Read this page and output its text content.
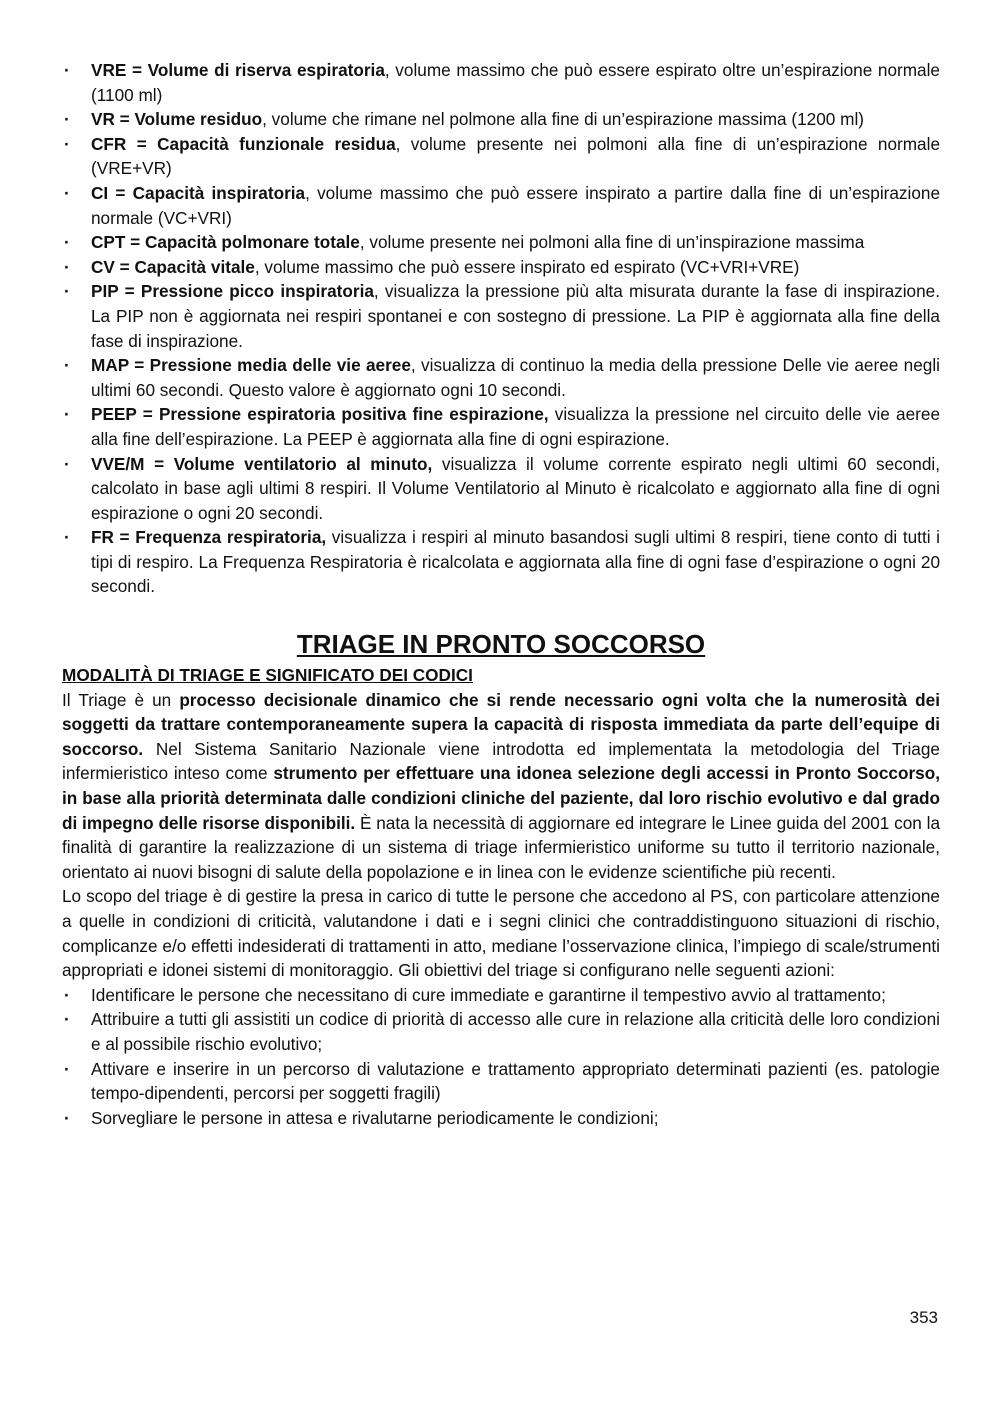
· VRE = Volume di riserva espiratoria, volume massimo che può essere espirato oltre un’espirazione normale (1100 ml)
· VR = Volume residuo, volume che rimane nel polmone alla fine di un’espirazione massima (1200 ml)
· CFR = Capacità funzionale residua, volume presente nei polmoni alla fine di un’espirazione normale (VRE+VR)
· CI = Capacità inspiratoria, volume massimo che può essere inspirato a partire dalla fine di un’espirazione normale (VC+VRI)
· CPT = Capacità polmonare totale, volume presente nei polmoni alla fine di un’inspirazione massima
· CV = Capacità vitale, volume massimo che può essere inspirato ed espirato (VC+VRI+VRE)
· PIP = Pressione picco inspiratoria, visualizza la pressione più alta misurata durante la fase di inspirazione. La PIP non è aggiornata nei respiri spontanei e con sostegno di pressione. La PIP è aggiornata alla fine della fase di inspirazione.
· MAP = Pressione media delle vie aeree, visualizza di continuo la media della pressione Delle vie aeree negli ultimi 60 secondi. Questo valore è aggiornato ogni 10 secondi.
· PEEP = Pressione espiratoria positiva fine espirazione, visualizza la pressione nel circuito delle vie aeree alla fine dell’espirazione. La PEEP è aggiornata alla fine di ogni espirazione.
· VVE/M = Volume ventilatorio al minuto, visualizza il volume corrente espirato negli ultimi 60 secondi, calcolato in base agli ultimi 8 respiri. Il Volume Ventilatorio al Minuto è ricalcolato e aggiornato alla fine di ogni espirazione o ogni 20 secondi.
· FR = Frequenza respiratoria, visualizza i respiri al minuto basandosi sugli ultimi 8 respiri, tiene conto di tutti i tipi di respiro. La Frequenza Respiratoria è ricalcolata e aggiornata alla fine di ogni fase d’espirazione o ogni 20 secondi.
TRIAGE IN PRONTO SOCCORSO
MODALITÀ DI TRIAGE E SIGNIFICATO DEI CODICI

Il Triage è un processo decisionale dinamico che si rende necessario ogni volta che la numerosità dei soggetti da trattare contemporaneamente supera la capacità di risposta immediata da parte dell’equipe di soccorso. Nel Sistema Sanitario Nazionale viene introdotta ed implementata la metodologia del Triage infermieristico inteso come strumento per effettuare una idonea selezione degli accessi in Pronto Soccorso, in base alla priorità determinata dalle condizioni cliniche del paziente, dal loro rischio evolutivo e dal grado di impegno delle risorse disponibili. È nata la necessità di aggiornare ed integrare le Linee guida del 2001 con la finalità di garantire la realizzazione di un sistema di triage infermieristico uniforme su tutto il territorio nazionale, orientato ai nuovi bisogni di salute della popolazione e in linea con le evidenze scientifiche più recenti.

Lo scopo del triage è di gestire la presa in carico di tutte le persone che accedono al PS, con particolare attenzione a quelle in condizioni di criticità, valutandone i dati e i segni clinici che contraddistinguono situazioni di rischio, complicanze e/o effetti indesiderati di trattamenti in atto, mediane l’osservazione clinica, l’impiego di scale/strumenti appropriati e idonei sistemi di monitoraggio. Gli obiettivi del triage si configurano nelle seguenti azioni:

· Identificare le persone che necessitano di cure immediate e garantirne il tempestivo avvio al trattamento;
· Attribuire a tutti gli assistiti un codice di priorità di accesso alle cure in relazione alla criticità delle loro condizioni e al possibile rischio evolutivo;
· Attivare e inserire in un percorso di valutazione e trattamento appropriato determinati pazienti (es. patologie tempo-dipendenti, percorsi per soggetti fragili)
· Sorvegliare le persone in attesa e rivalutarne periodicamente le condizioni;
353
